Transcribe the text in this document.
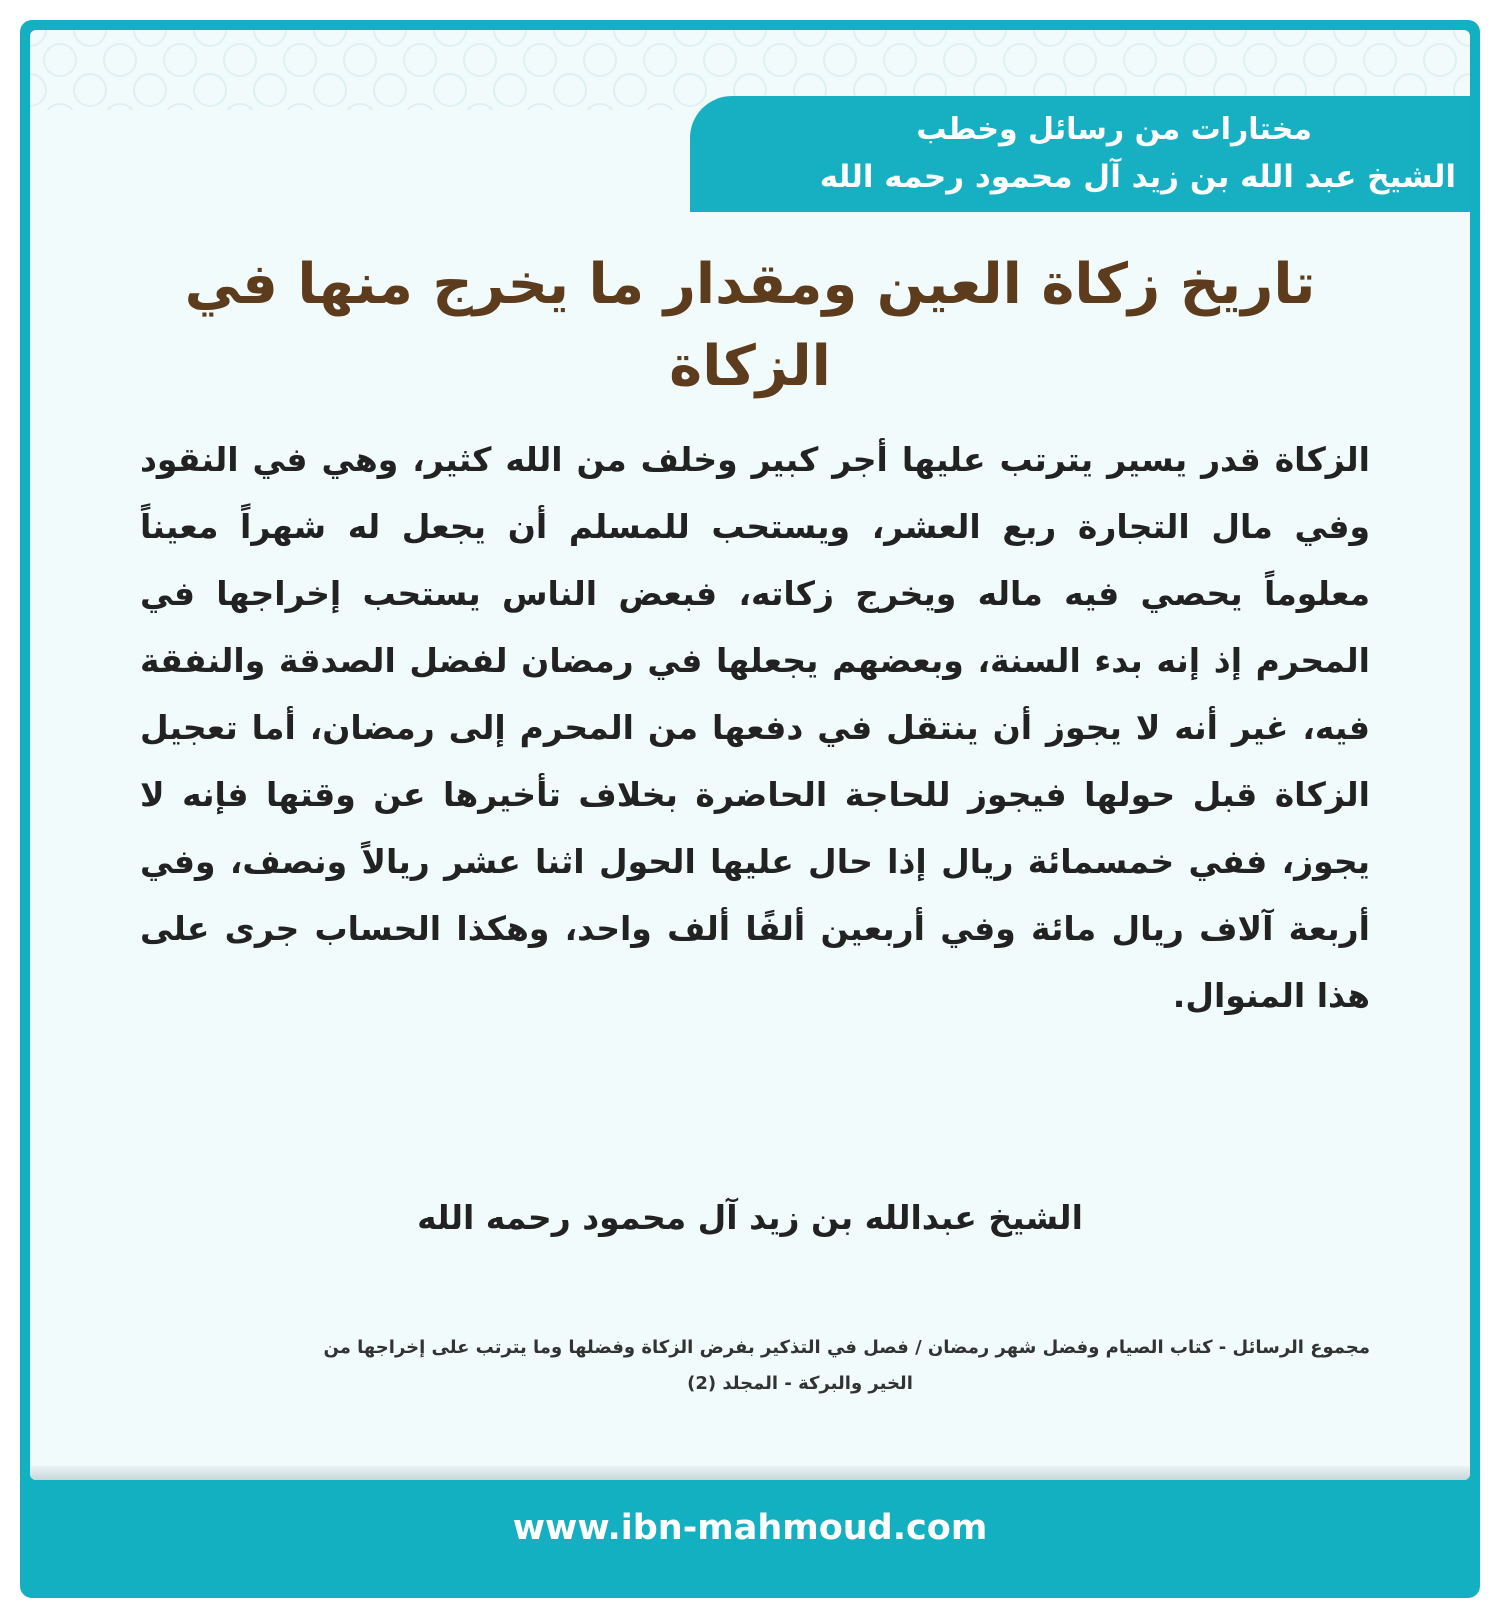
مختارات من رسائل وخطب
الشيخ عبد الله بن زيد آل محمود رحمه الله
تاريخ زكاة العين ومقدار ما يخرج منها في الزكاة
الزكاة قدر يسير يترتب عليها أجر كبير وخلف من الله كثير، وهي في النقود وفي مال التجارة ربع العشر، ويستحب للمسلم أن يجعل له شهراً معيناً معلوماً يحصي فيه ماله ويخرج زكاته، فبعض الناس يستحب إخراجها في المحرم إذ إنه بدء السنة، وبعضهم يجعلها في رمضان لفضل الصدقة والنفقة فيه، غير أنه لا يجوز أن ينتقل في دفعها من المحرم إلى رمضان، أما تعجيل الزكاة قبل حولها فيجوز للحاجة الحاضرة بخلاف تأخيرها عن وقتها فإنه لا يجوز، ففي خمسمائة ريال إذا حال عليها الحول اثنا عشر ريالاً ونصف، وفي أربعة آلاف ريال مائة وفي أربعين ألفًا ألف واحد، وهكذا الحساب جرى على هذا المنوال.
الشيخ عبدالله بن زيد آل محمود رحمه الله
مجموع الرسائل - كتاب الصيام وفضل شهر رمضان / فصل في التذكير بفرض الزكاة وفضلها وما يترتب على إخراجها من
الخير والبركة - المجلد (2)
www.ibn-mahmoud.com
